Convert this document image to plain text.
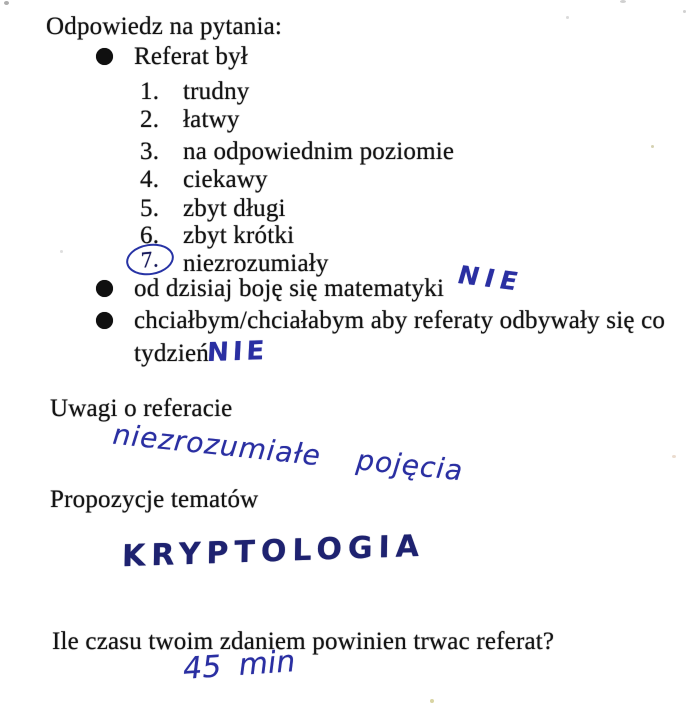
Odpowiedz na pytania:
Referat był
1. trudny
2. łatwy
3. na odpowiednim poziomie
4. ciekawy
5. zbyt długi
6. zbyt krótki
7. niezrozumiały
od dzisiaj boję się matematyki NIE
chciałbym/chciałabym aby referaty odbywały się co
tydzień
NIE
Uwagi o referacie
niezrozumiałe pojęcia
Propozycje tematów
KRYPTOLOGIA
Ile czasu twoim zdaniem powinien trwac referat?
45 min
